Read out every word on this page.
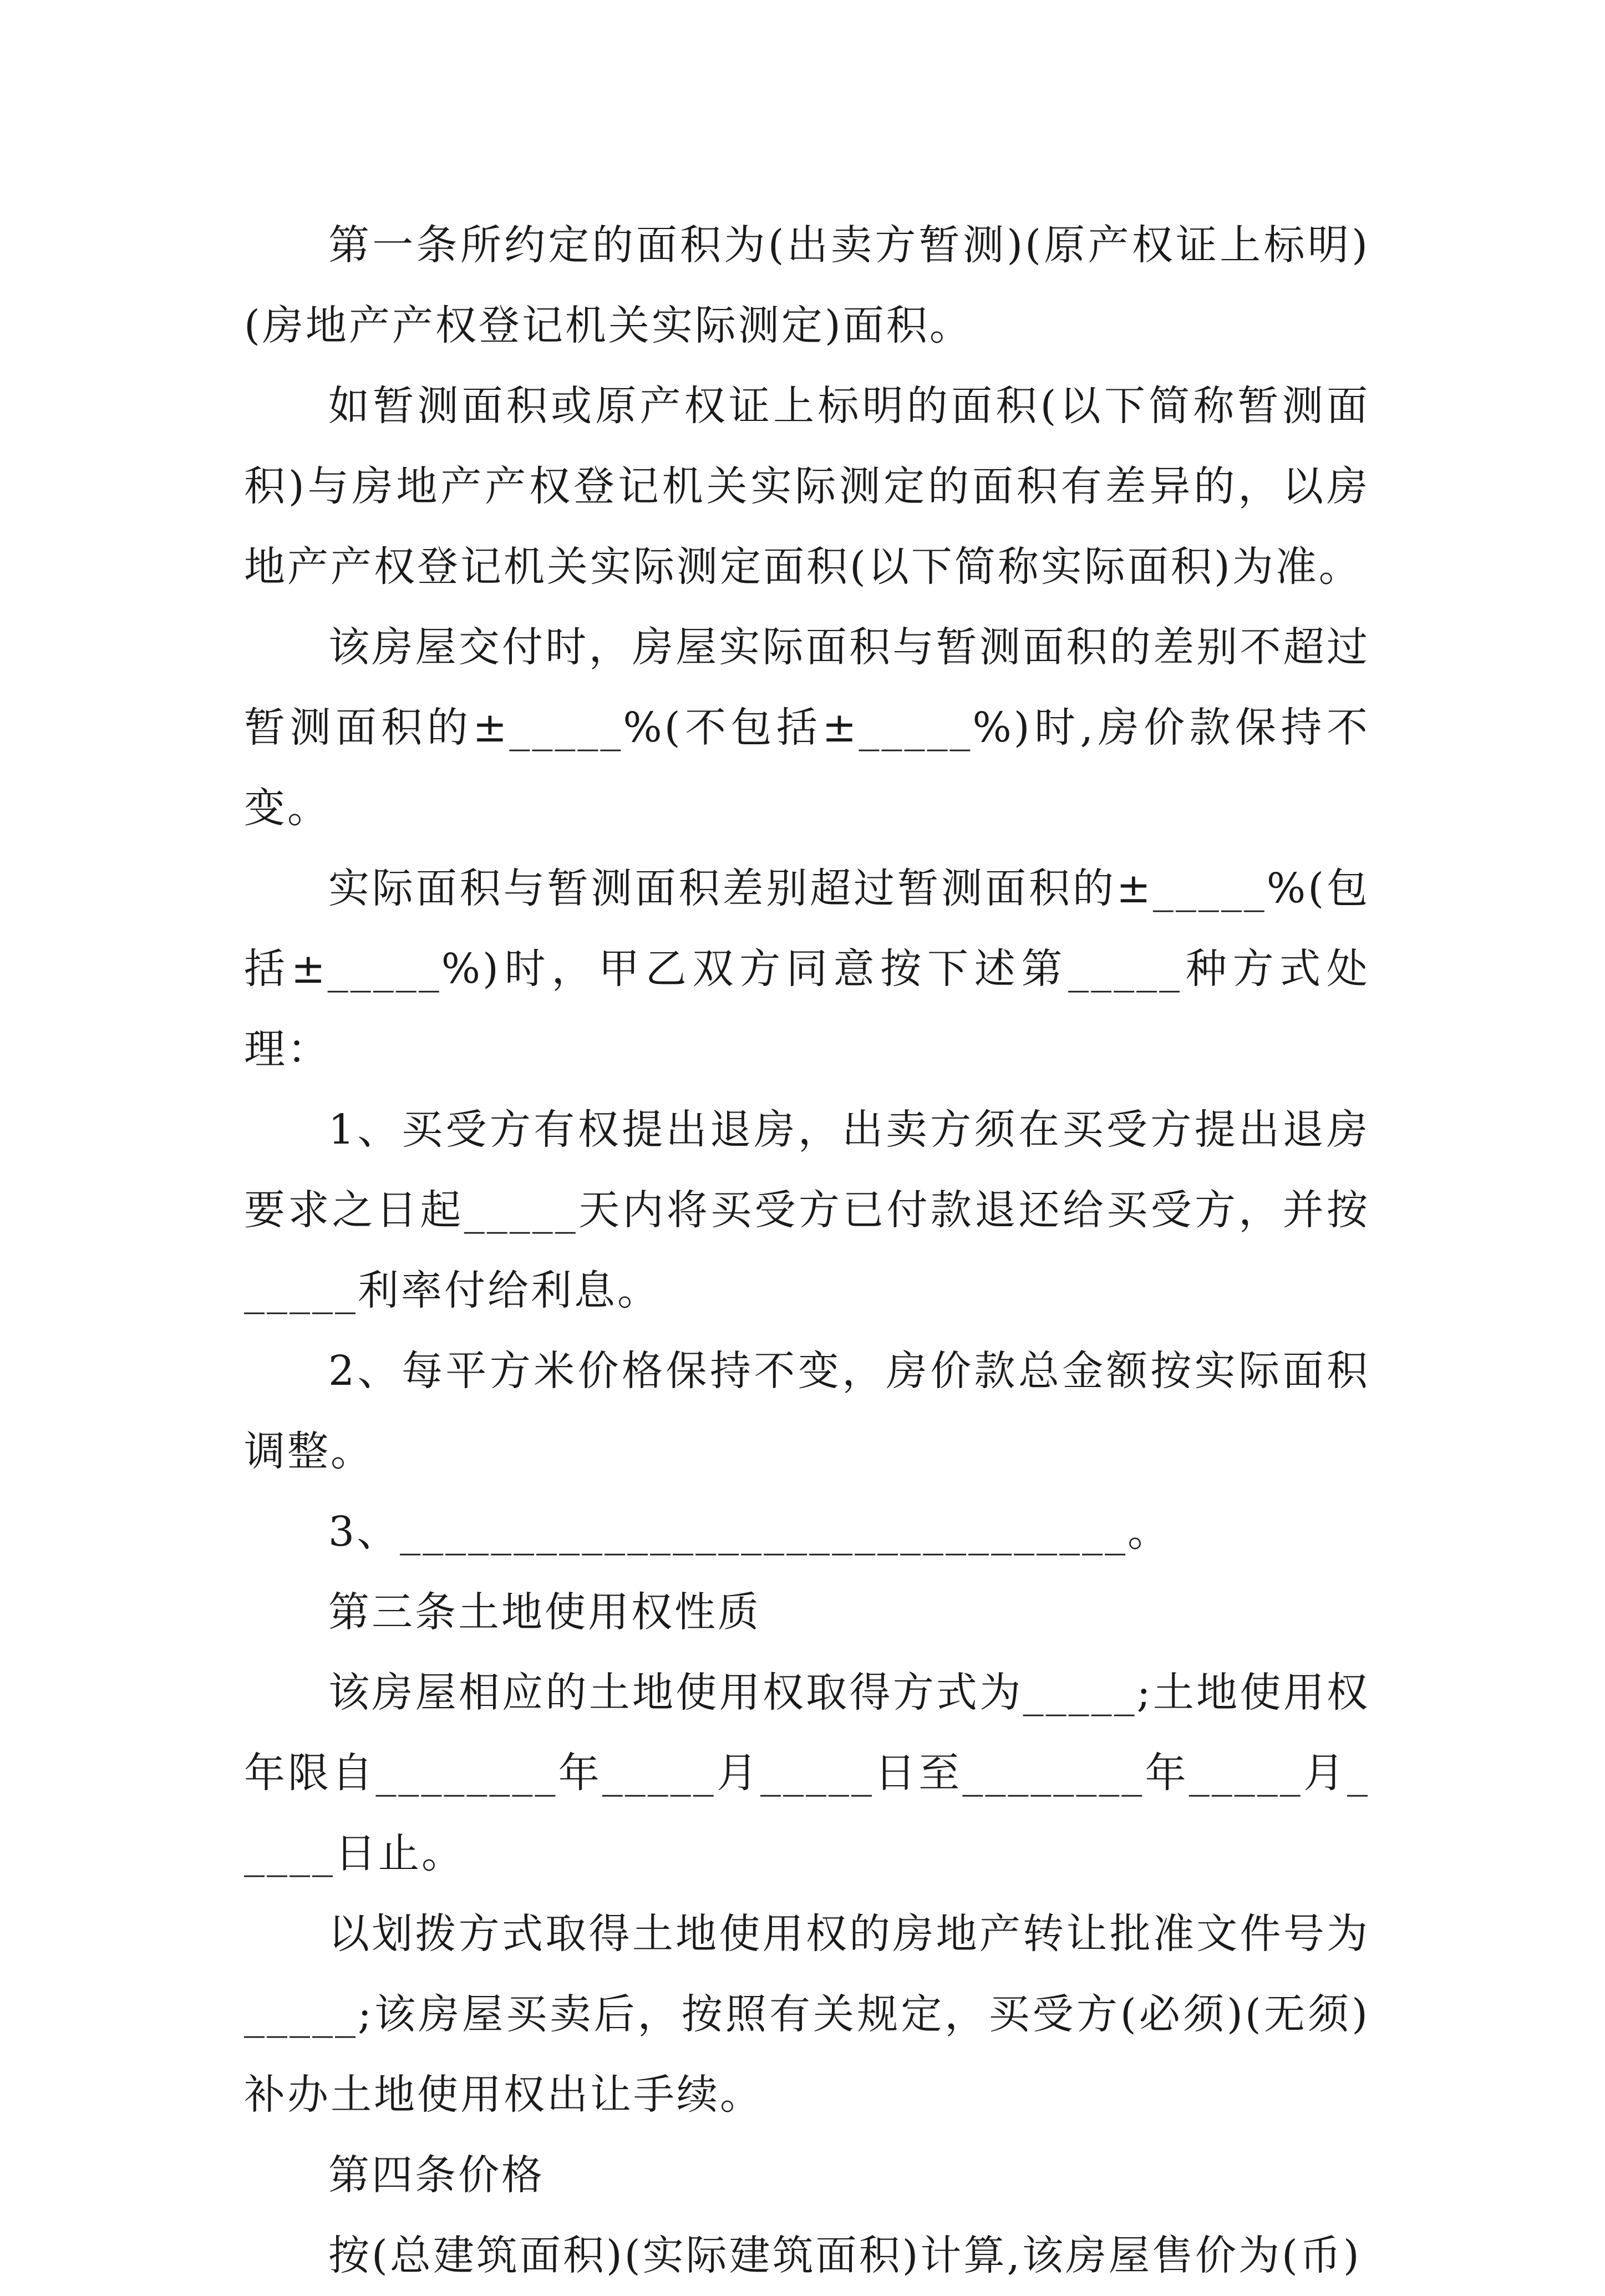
第一条所约定的面积为(出卖方暂测)(原产权证上标明)(房地产产权登记机关实际测定)面积。

如暂测面积或原产权证上标明的面积(以下简称暂测面积)与房地产产权登记机关实际测定的面积有差异的，以房地产产权登记机关实际测定面积(以下简称实际面积)为准。

该房屋交付时，房屋实际面积与暂测面积的差别不超过暂测面积的±_____%(不包括±_____%)时,房价款保持不变。

实际面积与暂测面积差别超过暂测面积的±_____%(包括±_____%)时，甲乙双方同意按下述第_____种方式处理：

1、买受方有权提出退房，出卖方须在买受方提出退房要求之日起_____天内将买受方已付款退还给买受方，并按_____利率付给利息。

2、每平方米价格保持不变，房价款总金额按实际面积调整。

3、________________________________。

第三条土地使用权性质

该房屋相应的土地使用权取得方式为_____;土地使用权年限自________年_____月_____日至________年_____月_____日止。

以划拨方式取得土地使用权的房地产转让批准文件号为_____;该房屋买卖后，按照有关规定，买受方(必须)(无须)补办土地使用权出让手续。

第四条价格

按(总建筑面积)(实际建筑面积)计算,该房屋售价为(币)
